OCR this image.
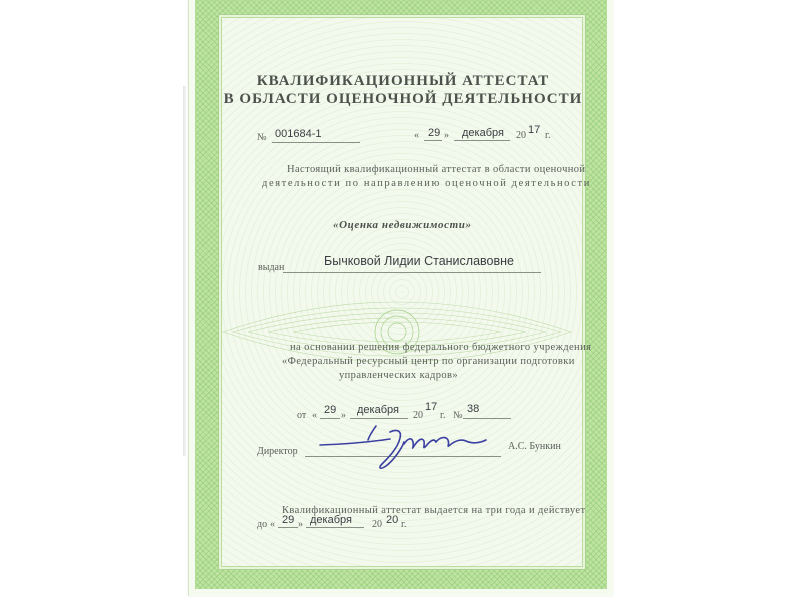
КВАЛИФИКАЦИОННЫЙ АТТЕСТАТ
В ОБЛАСТИ ОЦЕНОЧНОЙ ДЕЯТЕЛЬНОСТИ
№ 001684-1	« 29 » декабря 20 17 г.
Настоящий квалификационный аттестат в области оценочной
деятельности по направлению оценочной деятельности
«Оценка недвижимости»
выдан	Бычковой Лидии Станиславовне
на основании решения федерального бюджетного учреждения
«Федеральный ресурсный центр по организации подготовки
управленческих кадров»
от « 29 » декабря 20
17
г. №
38
Директор	А.С. Бункин
Квалификационный аттестат выдается на три года и действует
до « 29 » декабря 20 20 г.
· · · · · · · · · · · · · · · · · · · · · · · · · · · · · · · · · · · · · ·
